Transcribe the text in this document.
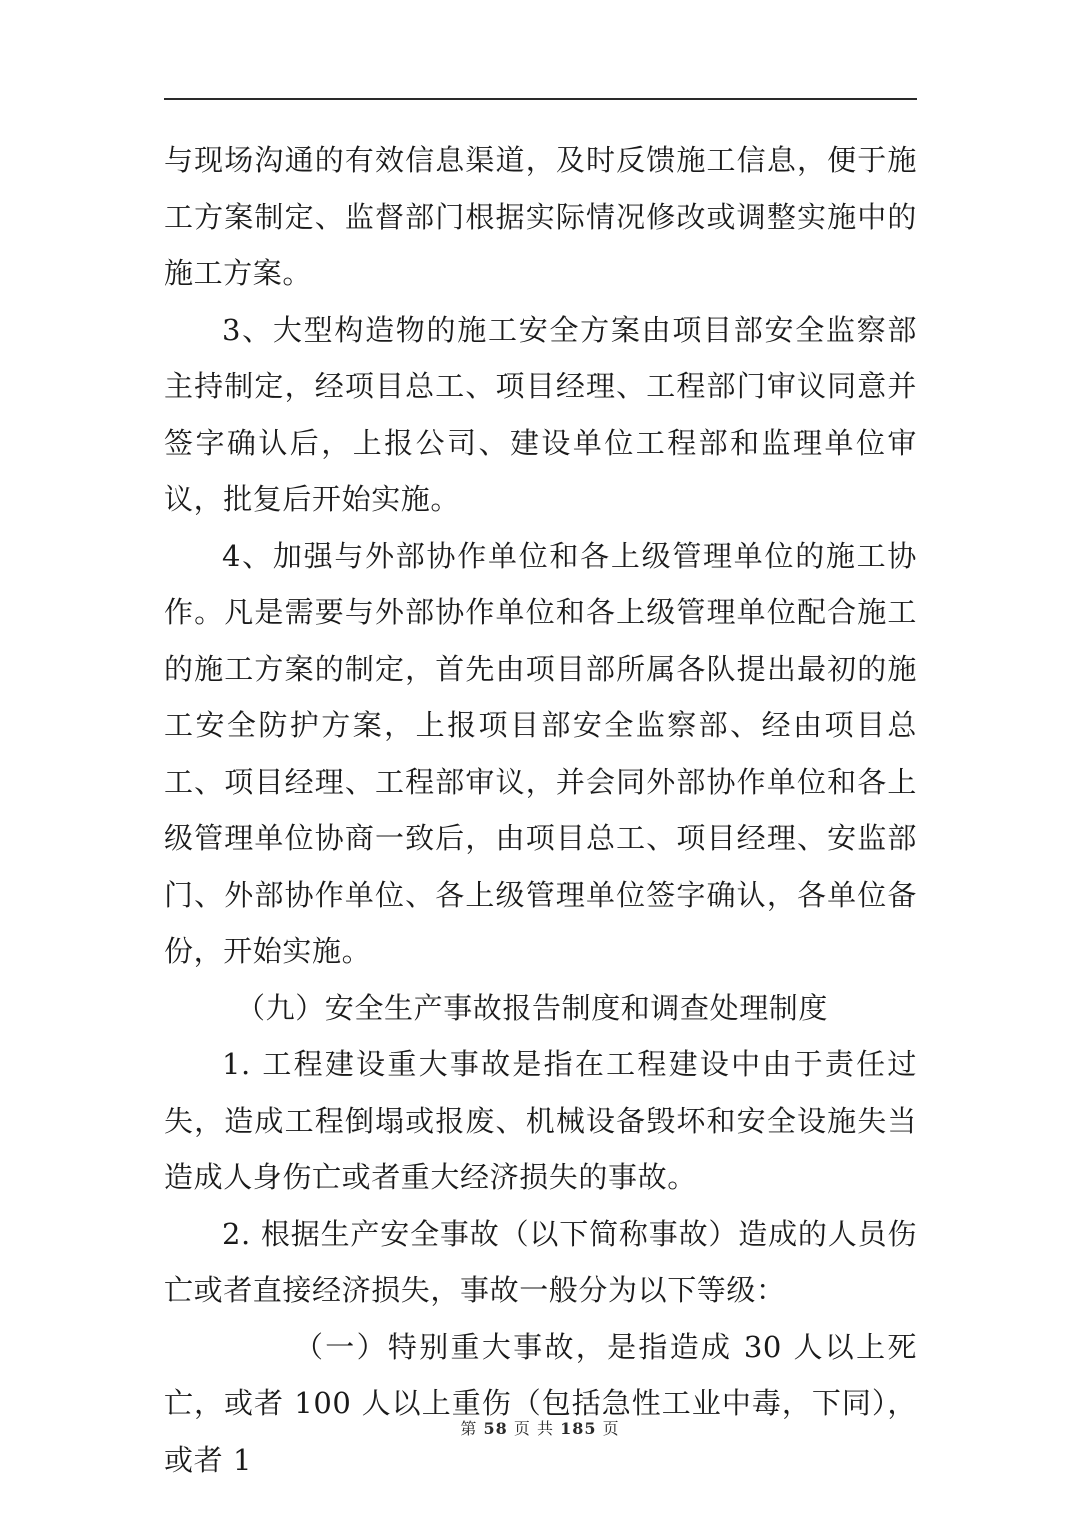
与现场沟通的有效信息渠道，及时反馈施工信息，便于施工方案制定、监督部门根据实际情况修改或调整实施中的施工方案。

3、大型构造物的施工安全方案由项目部安全监察部主持制定，经项目总工、项目经理、工程部门审议同意并签字确认后，上报公司、建设单位工程部和监理单位审议，批复后开始实施。

4、加强与外部协作单位和各上级管理单位的施工协作。凡是需要与外部协作单位和各上级管理单位配合施工的施工方案的制定，首先由项目部所属各队提出最初的施工安全防护方案，上报项目部安全监察部、经由项目总工、项目经理、工程部审议，并会同外部协作单位和各上级管理单位协商一致后，由项目总工、项目经理、安监部门、外部协作单位、各上级管理单位签字确认，各单位备份，开始实施。

（九）安全生产事故报告制度和调查处理制度

1. 工程建设重大事故是指在工程建设中由于责任过失，造成工程倒塌或报废、机械设备毁坏和安全设施失当造成人身伤亡或者重大经济损失的事故。

2. 根据生产安全事故（以下简称事故）造成的人员伤亡或者直接经济损失，事故一般分为以下等级：

（一）特别重大事故，是指造成 30 人以上死亡，或者 100 人以上重伤（包括急性工业中毒，下同），或者 1

第 58 页 共 185 页
